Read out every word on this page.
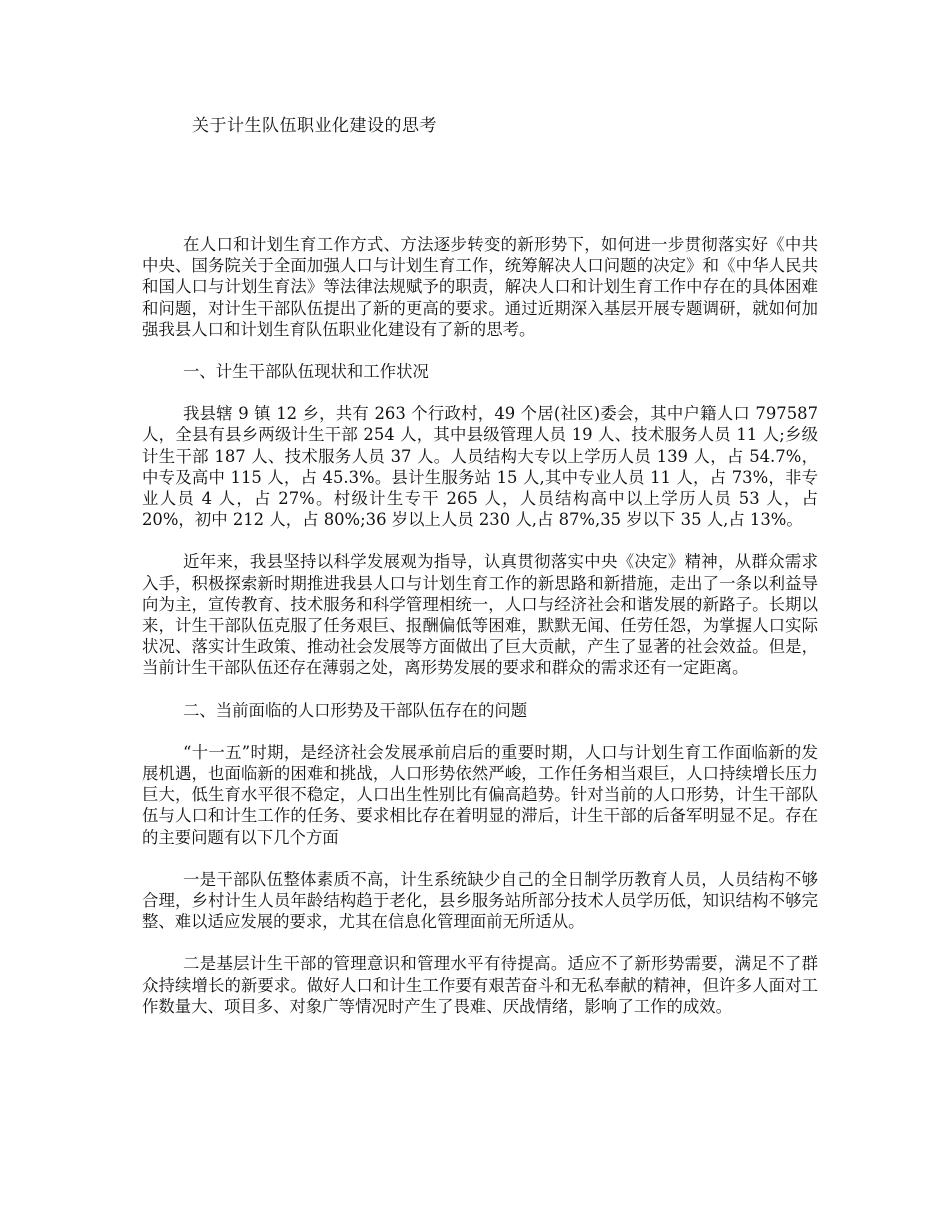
关于计生队伍职业化建设的思考

在人口和计划生育工作方式、方法逐步转变的新形势下，如何进一步贯彻落实好《中共中央、国务院关于全面加强人口与计划生育工作，统筹解决人口问题的决定》和《中华人民共和国人口与计划生育法》等法律法规赋予的职责，解决人口和计划生育工作中存在的具体困难和问题，对计生干部队伍提出了新的更高的要求。通过近期深入基层开展专题调研，就如何加强我县人口和计划生育队伍职业化建设有了新的思考。

一、计生干部队伍现状和工作状况

我县辖 9 镇 12 乡，共有 263 个行政村，49 个居(社区)委会，其中户籍人口 797587 人，全县有县乡两级计生干部 254 人，其中县级管理人员 19 人、技术服务人员 11 人;乡级计生干部 187 人、技术服务人员 37 人。人员结构大专以上学历人员 139 人，占 54.7%，中专及高中 115 人，占 45.3%。县计生服务站 15 人,其中专业人员 11 人，占 73%，非专业人员 4 人，占 27%。村级计生专干 265 人，人员结构高中以上学历人员 53 人，占 20%，初中 212 人，占 80%;36 岁以上人员 230 人,占 87%,35 岁以下 35 人,占 13%。

近年来，我县坚持以科学发展观为指导，认真贯彻落实中央《决定》精神，从群众需求入手，积极探索新时期推进我县人口与计划生育工作的新思路和新措施，走出了一条以利益导向为主，宣传教育、技术服务和科学管理相统一，人口与经济社会和谐发展的新路子。长期以来，计生干部队伍克服了任务艰巨、报酬偏低等困难，默默无闻、任劳任怨，为掌握人口实际状况、落实计生政策、推动社会发展等方面做出了巨大贡献，产生了显著的社会效益。但是，当前计生干部队伍还存在薄弱之处，离形势发展的要求和群众的需求还有一定距离。

二、当前面临的人口形势及干部队伍存在的问题

“十一五”时期，是经济社会发展承前启后的重要时期，人口与计划生育工作面临新的发展机遇，也面临新的困难和挑战，人口形势依然严峻，工作任务相当艰巨，人口持续增长压力巨大，低生育水平很不稳定，人口出生性别比有偏高趋势。针对当前的人口形势，计生干部队伍与人口和计生工作的任务、要求相比存在着明显的滞后，计生干部的后备军明显不足。存在的主要问题有以下几个方面

一是干部队伍整体素质不高，计生系统缺少自己的全日制学历教育人员，人员结构不够合理，乡村计生人员年龄结构趋于老化，县乡服务站所部分技术人员学历低，知识结构不够完整、难以适应发展的要求，尤其在信息化管理面前无所适从。

二是基层计生干部的管理意识和管理水平有待提高。适应不了新形势需要，满足不了群众持续增长的新要求。做好人口和计生工作要有艰苦奋斗和无私奉献的精神，但许多人面对工作数量大、项目多、对象广等情况时产生了畏难、厌战情绪，影响了工作的成效。
